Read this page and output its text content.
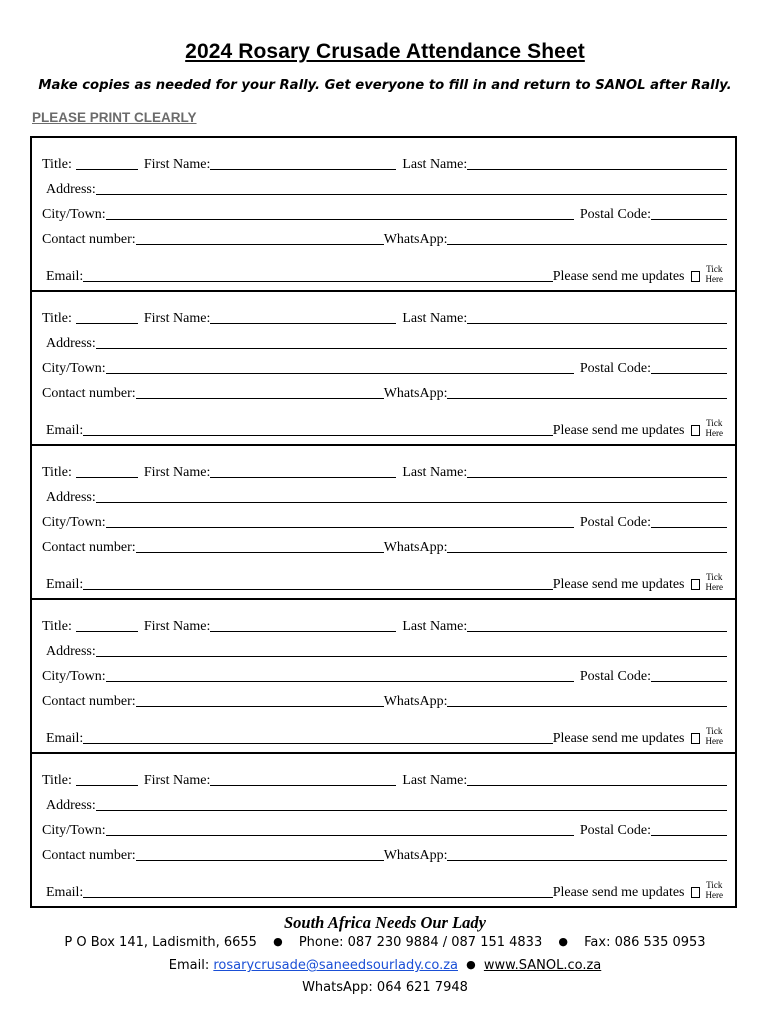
2024 Rosary Crusade Attendance Sheet
Make copies as needed for your Rally. Get everyone to fill in and return to SANOL after Rally.
PLEASE PRINT CLEARLY
Title:	First Name:	Last Name:
Address:
City/Town:	Postal Code:
Contact number:	WhatsApp:
Email:	Please send me updates Tick
Here
Title:	First Name:	Last Name:
Address:
City/Town:	Postal Code:
Contact number:	WhatsApp:
Email:	Please send me updates Tick
Here
Title:	First Name:	Last Name:
Address:
City/Town:	Postal Code:
Contact number:	WhatsApp:
Email:	Please send me updates Tick
Here
Title:	First Name:	Last Name:
Address:
City/Town:	Postal Code:
Contact number:	WhatsApp:
Email:	Please send me updates Tick
Here
Title:	First Name:	Last Name:
Address:
City/Town:	Postal Code:
Contact number:	WhatsApp:
Email:	Please send me updates Tick
Here
South Africa Needs Our Lady
P O Box 141, Ladismith, 6655 ● Phone: 087 230 9884 / 087 151 4833 ● Fax: 086 535 0953
Email: rosarycrusade@saneedsourlady.co.za ● www.SANOL.co.za
WhatsApp: 064 621 7948
